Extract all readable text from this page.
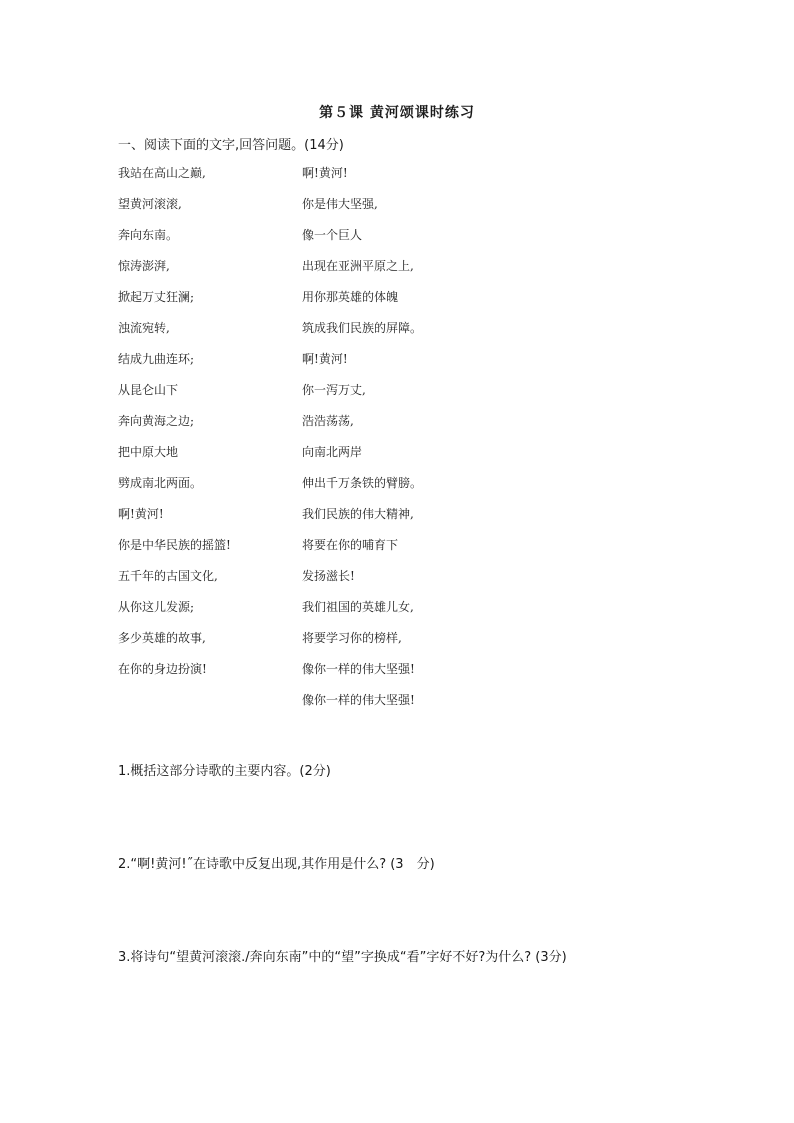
第５课 黄河颂课时练习
一、阅读下面的文字,回答问题。(14分)
我站在高山之巅,
望黄河滚滚,
奔向东南。
惊涛澎湃,
掀起万丈狂澜;
浊流宛转,
结成九曲连环;
从昆仑山下
奔向黄海之边;
把中原大地
劈成南北两面。
啊!黄河!
你是中华民族的摇篮!
五千年的古国文化,
从你这儿发源;
多少英雄的故事,
在你的身边扮演!
啊!黄河!
你是伟大坚强,
像一个巨人
出现在亚洲平原之上,
用你那英雄的体魄
筑成我们民族的屏障。
啊!黄河!
你一泻万丈,
浩浩荡荡,
向南北两岸
伸出千万条铁的臂膀。
我们民族的伟大精神,
将要在你的哺育下
发扬滋长!
我们祖国的英雄儿女,
将要学习你的榜样,
像你一样的伟大坚强!
像你一样的伟大坚强!
1.概括这部分诗歌的主要内容。(2分)
2.“啊!黄河!˝在诗歌中反复出现,其作用是什么? (3　分)
3.将诗句“望黄河滚滚./奔向东南”中的“望”字换成“看”字好不好?为什么? (3分)
